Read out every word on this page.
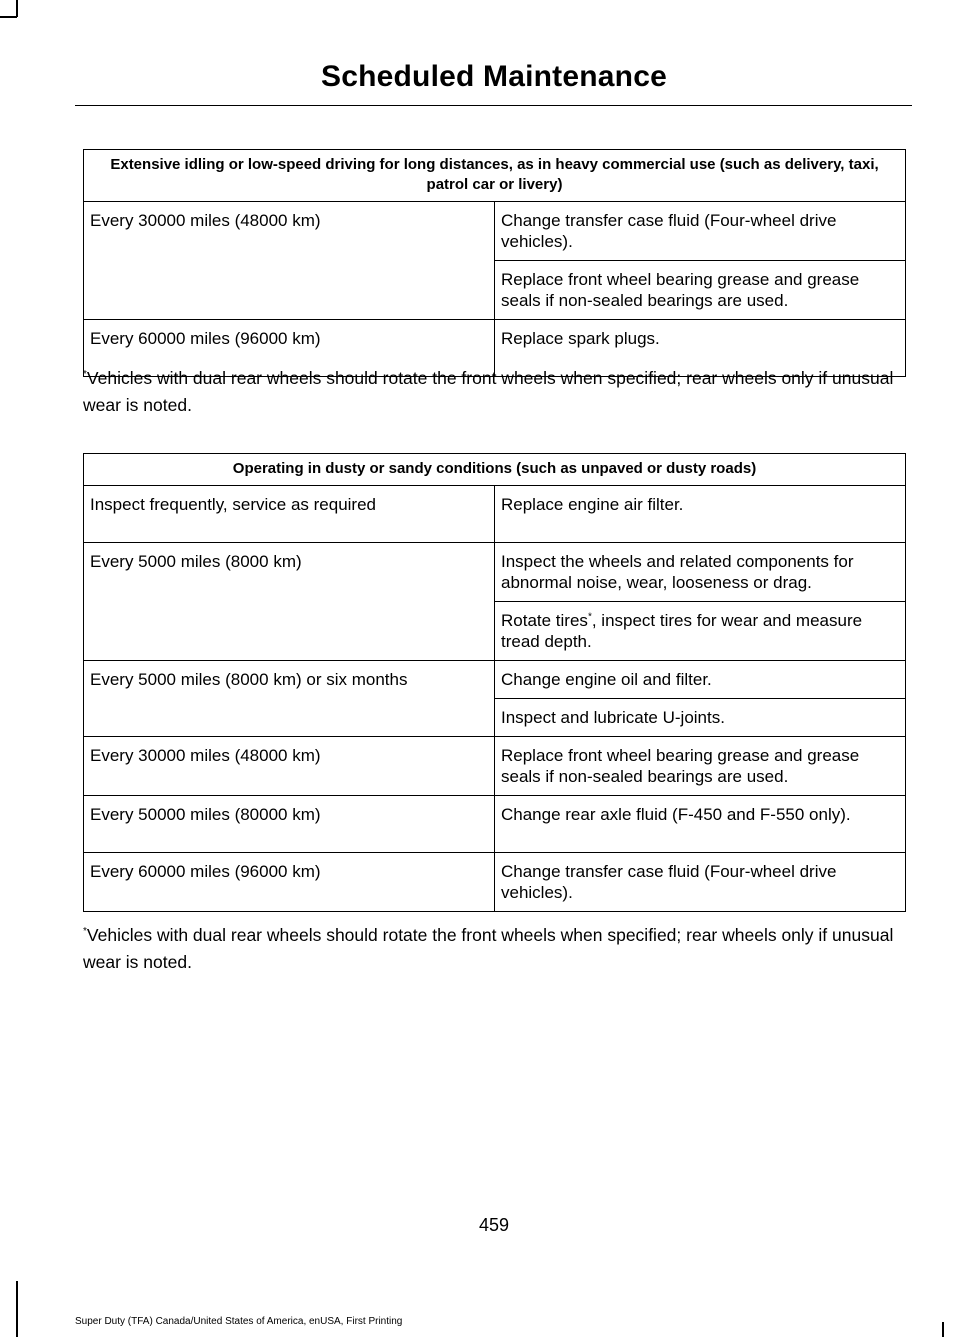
Scheduled Maintenance
Extensive idling or low-speed driving for long distances, as in heavy commercial use (such as delivery, taxi, patrol car or livery)	
Every 30000 miles (48000 km)	Change transfer case fluid (Four-wheel drive vehicles).
	Replace front wheel bearing grease and grease seals if non-sealed bearings are used.
Every 60000 miles (96000 km)	Replace spark plugs.

*Vehicles with dual rear wheels should rotate the front wheels when specified; rear wheels only if unusual wear is noted.

Operating in dusty or sandy conditions (such as unpaved or dusty roads)	
Inspect frequently, service as required	Replace engine air filter.
Every 5000 miles (8000 km)	Inspect the wheels and related components for abnormal noise, wear, looseness or drag.
	Rotate tires*, inspect tires for wear and measure tread depth.
Every 5000 miles (8000 km) or six months	Change engine oil and filter.
	Inspect and lubricate U-joints.
Every 30000 miles (48000 km)	Replace front wheel bearing grease and grease seals if non-sealed bearings are used.
Every 50000 miles (80000 km)	Change rear axle fluid (F-450 and F-550 only).
Every 60000 miles (96000 km)	Change transfer case fluid (Four-wheel drive vehicles).

*Vehicles with dual rear wheels should rotate the front wheels when specified; rear wheels only if unusual wear is noted.

459
Super Duty (TFA) Canada/United States of America, enUSA, First Printing
